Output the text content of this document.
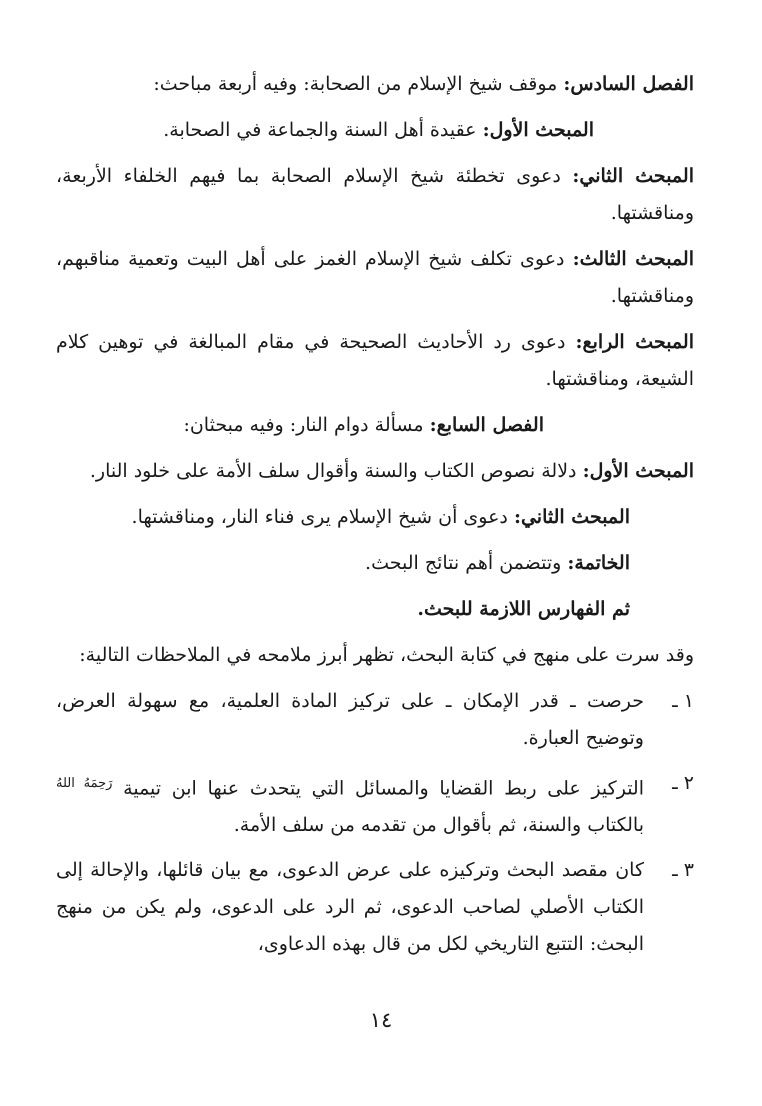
الفصل السادس: موقف شيخ الإسلام من الصحابة: وفيه أربعة مباحث:

المبحث الأول: عقيدة أهل السنة والجماعة في الصحابة.

المبحث الثاني: دعوى تخطئة شيخ الإسلام الصحابة بما فيهم الخلفاء الأربعة، ومناقشتها.

المبحث الثالث: دعوى تكلف شيخ الإسلام الغمز على أهل البيت وتعمية مناقبهم، ومناقشتها.

المبحث الرابع: دعوى رد الأحاديث الصحيحة في مقام المبالغة في توهين كلام الشيعة، ومناقشتها.

الفصل السابع: مسألة دوام النار: وفيه مبحثان:

المبحث الأول: دلالة نصوص الكتاب والسنة وأقوال سلف الأمة على خلود النار.

المبحث الثاني: دعوى أن شيخ الإسلام يرى فناء النار، ومناقشتها.

الخاتمة: وتتضمن أهم نتائج البحث.

ثم الفهارس اللازمة للبحث.

وقد سرت على منهج في كتابة البحث، تظهر أبرز ملامحه في الملاحظات التالية:

١ ـ
حرصت ـ قدر الإمكان ـ على تركيز المادة العلمية، مع سهولة العرض، وتوضيح العبارة.
٢ ـ
التركيز على ربط القضايا والمسائل التي يتحدث عنها ابن تيمية $^{رَحِمَهُ اللهُ}$ بالكتاب والسنة، ثم بأقوال من تقدمه من سلف الأمة.
٣ ـ
كان مقصد البحث وتركيزه على عرض الدعوى، مع بيان قائلها، والإحالة إلى الكتاب الأصلي لصاحب الدعوى، ثم الرد على الدعوى، ولم يكن من منهج البحث: التتبع التاريخي لكل من قال بهذه الدعاوى،
١٤
